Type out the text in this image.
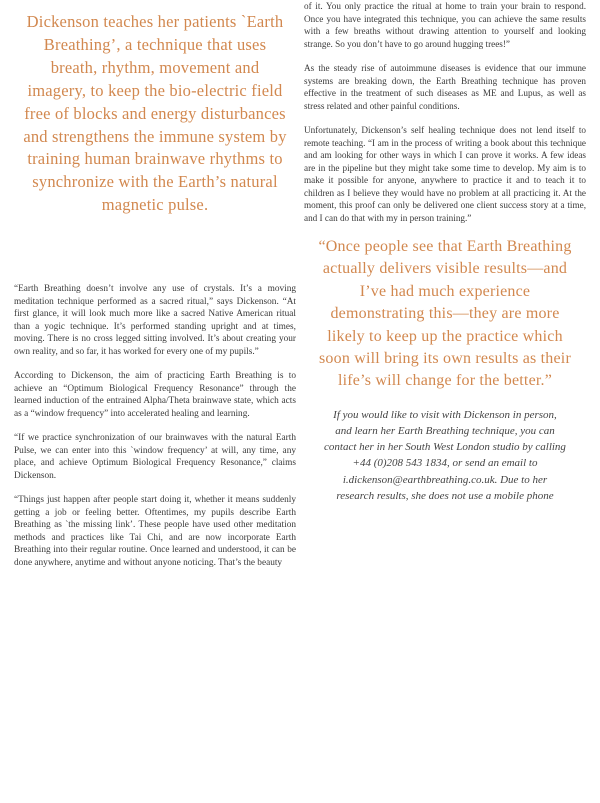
Dickenson teaches her patients `Earth Breathing’, a technique that uses breath, rhythm, movement and imagery, to keep the bio-electric field free of blocks and energy disturbances and strengthens the immune system by training human brainwave rhythms to synchronize with the Earth’s natural magnetic pulse.

“Earth Breathing doesn’t involve any use of crystals. It’s a moving meditation technique performed as a sacred ritual,” says Dickenson. “At first glance, it will look much more like a sacred Native American ritual than a yogic technique. It’s performed standing upright and at times, moving. There is no cross legged sitting involved. It’s about creating your own reality, and so far, it has worked for every one of my pupils.”

According to Dickenson, the aim of practicing Earth Breathing is to achieve an “Optimum Biological Frequency Resonance” through the learned induction of the entrained Alpha/Theta brainwave state, which acts as a “window frequency” into accelerated healing and learning.

“If we practice synchronization of our brainwaves with the natural Earth Pulse, we can enter into this `window frequency’ at will, any time, any place, and achieve Optimum Biological Frequency Resonance,” claims Dickenson.

“Things just happen after people start doing it, whether it means suddenly getting a job or feeling better. Oftentimes, my pupils describe Earth Breathing as `the missing link’. These people have used other meditation methods and practices like Tai Chi, and are now incorporate Earth Breathing into their regular routine. Once learned and understood, it can be done anywhere, anytime and without anyone noticing. That’s the beauty

of it. You only practice the ritual at home to train your brain to respond. Once you have integrated this technique, you can achieve the same results with a few breaths without drawing attention to yourself and looking strange. So you don’t have to go around hugging trees!”

As the steady rise of autoimmune diseases is evidence that our immune systems are breaking down, the Earth Breathing technique has proven effective in the treatment of such diseases as ME and Lupus, as well as stress related and other painful conditions.

Unfortunately, Dickenson’s self healing technique does not lend itself to remote teaching. “I am in the process of writing a book about this technique and am looking for other ways in which I can prove it works. A few ideas are in the pipeline but they might take some time to develop. My aim is to make it possible for anyone, anywhere to practice it and to teach it to children as I believe they would have no problem at all practicing it. At the moment, this proof can only be delivered one client success story at a time, and I can do that with my in person training.”

“Once people see that Earth Breathing actually delivers visible results—and I’ve had much experience demonstrating this—they are more likely to keep up the practice which soon will bring its own results as their life’s will change for the better.”

If you would like to visit with Dickenson in person, and learn her Earth Breathing technique, you can contact her in her South West London studio by calling +44 (0)208 543 1834, or send an email to i.dickenson@earthbreathing.co.uk. Due to her research results, she does not use a mobile phone
